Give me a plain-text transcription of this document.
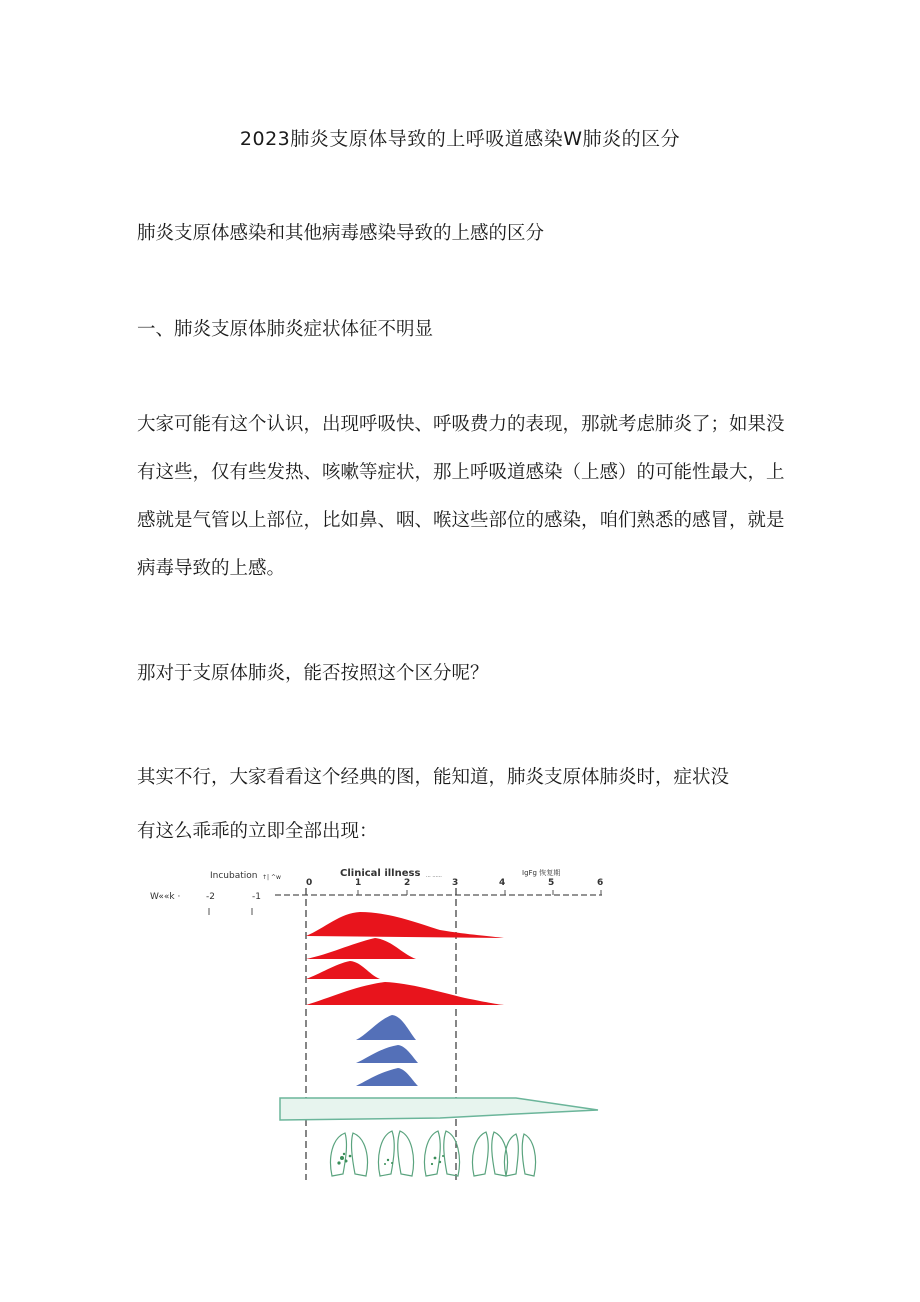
2023肺炎支原体导致的上呼吸道感染W肺炎的区分

肺炎支原体感染和其他病毒感染导致的上感的区分

一、肺炎支原体肺炎症状体征不明显

大家可能有这个认识，出现呼吸快、呼吸费力的表现，那就考虑肺炎了；如果没有这些，仅有些发热、咳嗽等症状，那上呼吸道感染（上感）的可能性最大，上感就是气管以上部位，比如鼻、咽、喉这些部位的感染，咱们熟悉的感冒，就是病毒导致的上感。

那对于支原体肺炎，能否按照这个区分呢？

其实不行，大家看看这个经典的图，能知道，肺炎支原体肺炎时，症状没

有这么乖乖的立即全部出现：

Incubation ↑| ^w	Clinical illness ... ......	IgFg 恢复期
W««k ·	-2	-1
0	1	2	3	4	5	6
